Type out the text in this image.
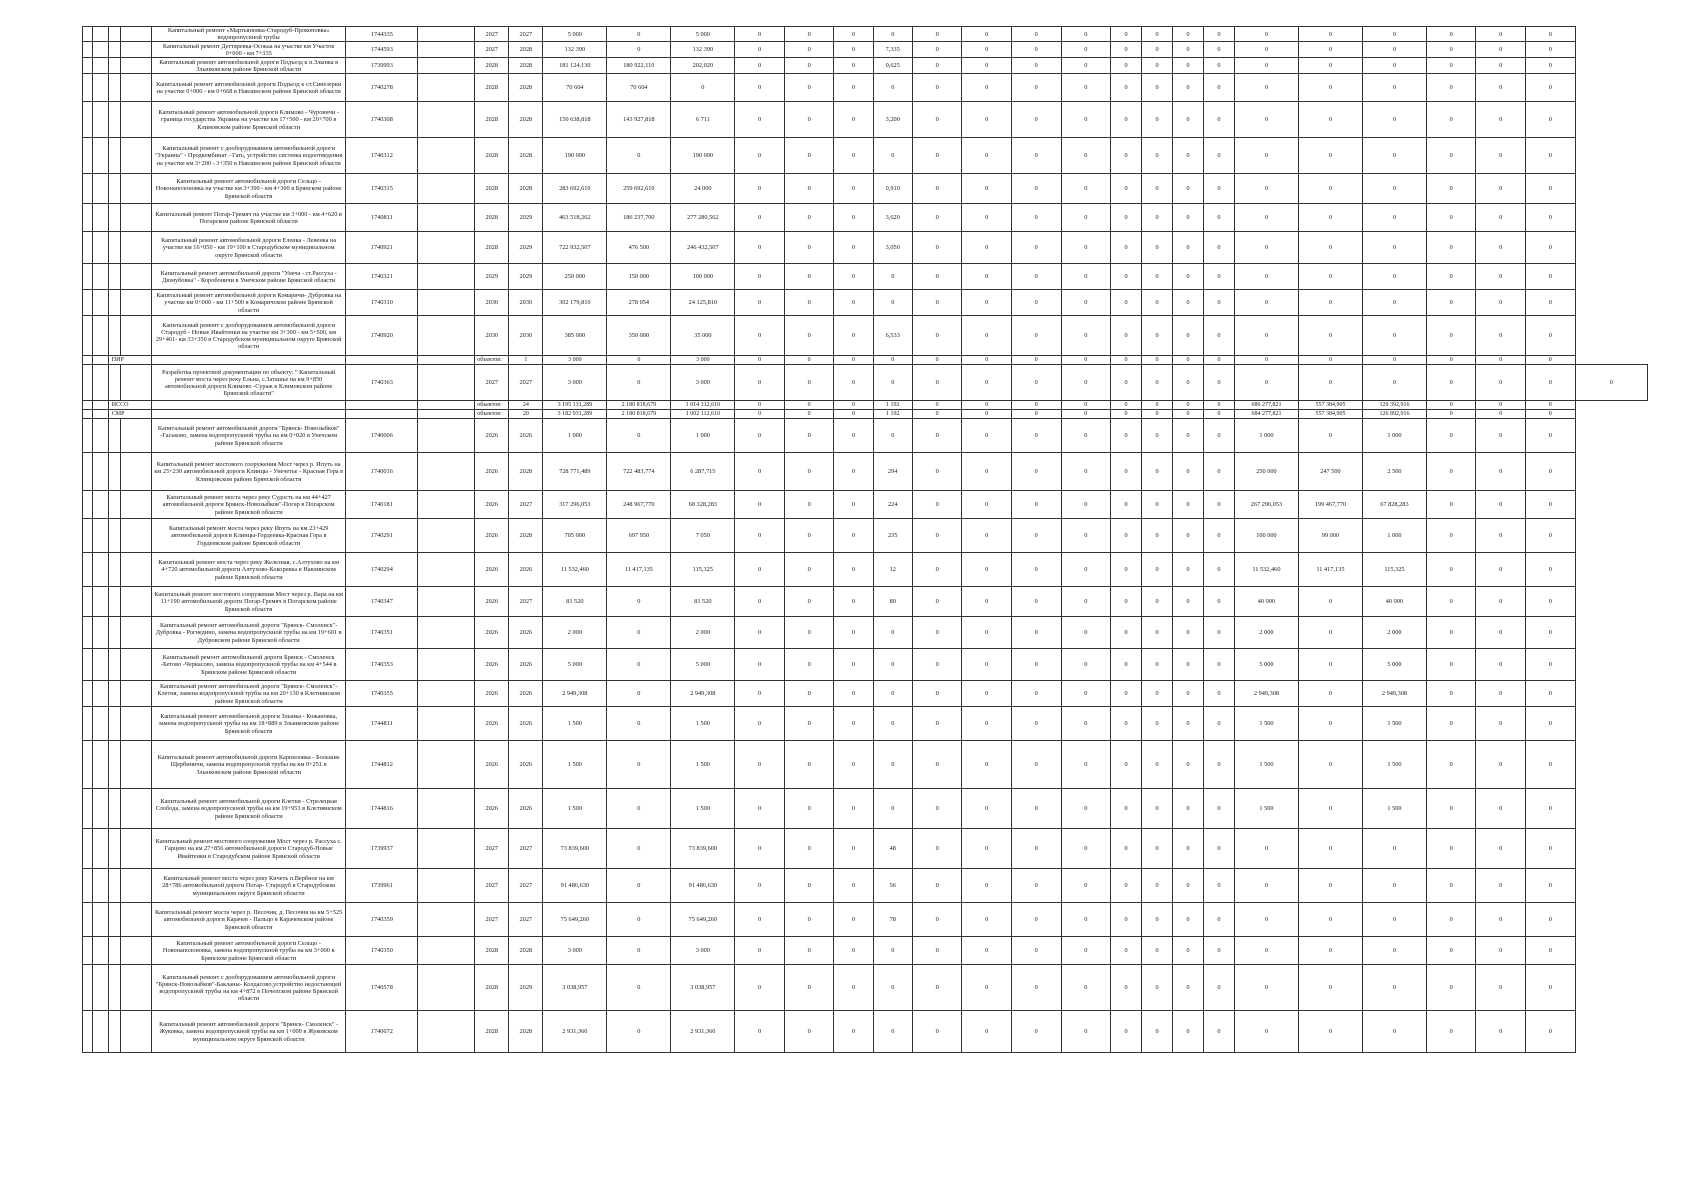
				Капитальный ремонт «Мартьяновка-Стародуб-Прокоповка» водопропускной трубы	1744335		2027	2027	5 000	0	5 000	0	0	0	0	0	0	0	0	0	0	0	0	0	0	0	0	0	0	
				Капитальный ремонт Дегтяревка-Осокаа на участке км Участок 0+000 - км 7+335	1744593		2027	2028	132 390	0	132 390	0	0	0	7,335	0	0	0	0	0	0	0	0	0	0	0	0	0	0	
				Капитальный ремонт автомобильной дороги Подъезд к п.Злынка в Злынковском районе Брянской области	1739993		2028	2028	181 124,130	180 922,110	202,020	0	0	0	0,625	0	0	0	0	0	0	0	0	0	0	0	0	0	0	
				Капитальный ремонт автомобильной дороги Подъезд к ст.Синезерки на участке 0+000 - км 0+668 в Навлинском районе Брянской области	1740278		2028	2028	70 604	70 604	0	0	0	0	0	0	0	0	0	0	0	0	0	0	0	0	0	0	0	
				Капитальный ремонт автомобильной дороги Климово - Чуровичи - граница государства Украина на участке км 17+500 - км 20+700 в Климовском районе Брянской области	1740308		2028	2028	150 638,818	143 927,818	6 711	0	0	0	3,200	0	0	0	0	0	0	0	0	0	0	0	0	0	0	
				Капитальный ремонт с дооборудованием автомобильной дороги "Украина" - Продкомбинат - Гать, устройство системы водоотведения на участке км 3+200 - 3+350 в Навлинском районе Брянской области	1740312		2028	2028	190 000	0	190 000	0	0	0	0	0	0	0	0	0	0	0	0	0	0	0	0	0	0	
				Капитальный ремонт автомобильной дороги Сельцо - Новонаполоновка на участке км 3+390 - км 4+300 в Брянском районе Брянской области	1740315		2028	2028	283 692,610	259 692,610	24 000	0	0	0	0,910	0	0	0	0	0	0	0	0	0	0	0	0	0	0	
				Капитальный ремонт Погар-Гремяч на участке км 3+000 - км 4+620 в Погарском районе Брянской области	1740811		2028	2029	463 518,262	186 237,700	277 280,562	0	0	0	3,620	0	0	0	0	0	0	0	0	0	0	0	0	0	0	
				Капитальный ремонт автомобильной дороги Еленка - Левенка на участке км 16+050 - км 19+100 в Стародубском муниципальном округе Брянской области	1740921		2028	2029	722 932,507	476 500	246 432,507	0	0	0	3,050	0	0	0	0	0	0	0	0	0	0	0	0	0	0	
				Капитальный ремонт автомобильной дороги "Унеча - ст.Рассуха - Дюмубовка" - Коробоничи в Унечском районе Брянской области	1740321		2029	2029	250 000	150 000	100 000	0	0	0	0	0	0	0	0	0	0	0	0	0	0	0	0	0	0	
				Капитальный ремонт автомобильной дороги Комаричи- Дубровка на участке км 0+000 - км 11+500 в Комаричском районе Брянской области	1740310		2030	2030	302 179,810	278 054	24 125,810	0	0	0	0	0	0	0	0	0	0	0	0	0	0	0	0	0	0	
				Капитальный ремонт с дооборудованием автомобильной дороги Стародуб - Новые Ивайтенки на участке км 3+300 - км 5+500, км 29+461- км 33+350 в Стародубском муниципальном округе Брянской области	1740920		2030	2030	385 000	350 000	35 000	0	0	0	6,533	0	0	0	0	0	0	0	0	0	0	0	0	0	0	
		ПИР					объектов:	1	3 000	0	3 000	0	0	0	0	0	0	0	0	0	0	0	0	0	0	0	0	0	0	
				Разработка проектной документации по объекту: " Капитальный ремонт моста через реку Ельна, с.Заташье на км 9+850 автомобильной дороги Климово -Сураж в Климовском районе Брянской области"	1740363		2027	2027	3 000	0	3 000	0	0	0	0	0	0	0	0	0	0	0	0	0	0	0	0	0	0	0
		ИССО					объектов:	24	3 195 131,289	2 180 818,679	1 014 312,610	0	0	0	1 192	0	0	0	0	0	0	0	0	686 277,821	557 384,905	129 392,916	0	0	0	
		СМР					объектов:	20	3 182 931,289	2 180 818,679	1 002 112,610	0	0	0	1 192	0	0	0	0	0	0	0	0	684 277,821	557 384,905	126 892,916	0	0	0	
				Капитальный ремонт автомобильной дороги "Брянск- Новозыбков" -Гаськово, замена водопропускной трубы на км 0+020 в Унечском районе Брянской области	1740006		2026	2026	1 000	0	1 000	0	0	0	0	0	0	0	0	0	0	0	0	1 000	0	1 000	0	0	0	
				Капитальный ремонт мостового сооружения Мост через р. Ипуть на км 25+230 автомобильной дороги Клинцы - Унечетье - Красная Гора в Клинцовском районе Брянской области	1740016		2026	2028	728 771,489	722 483,774	6 287,715	0	0	0	294	0	0	0	0	0	0	0	0	250 000	247 500	2 500	0	0	0	
				Капитальный ремонт моста через реку Судость на км 44+427 автомобильной дороги Брянск-Новозыбков"-Погар в Погарском районе Брянской области	1740181		2026	2027	317 296,053	248 967,770	68 328,283	0	0	0	224	0	0	0	0	0	0	0	0	267 296,053	199 467,770	67 828,283	0	0	0	
				Капитальный ремонт моста через реку Ипуть на км 23+429 автомобильной дороги Клинцы-Гордеевка-Красная Гора в Гордеевском районе Брянской области	1740291		2026	2028	705 000	697 950	7 050	0	0	0	235	0	0	0	0	0	0	0	0	100 000	99 000	1 000	0	0	0	
				Капитальный ремонт моста через реку Железная, с.Алтухово на км 4+720 автомобильной дороги Алтухово-Кокоревка в Навлинском районе Брянской области	1740294		2026	2026	11 532,460	11 417,135	115,325	0	0	0	12	0	0	0	0	0	0	0	0	11 532,460	11 417,135	115,325	0	0	0	
				Капитальный ремонт мостового сооружения Мост через р. Вара на км 11+190 автомобильной дороги Погар-Гремяч в Погарском районе Брянской области	1740347		2026	2027	81 520	0	81 520	0	0	0	80	0	0	0	0	0	0	0	0	40 000	0	40 000	0	0	0	
				Капитальный ремонт автомобильной дороги "Брянск- Смоленск"-Дубровка - Рогнедино, замена водопропускной трубы на км 19+601 в Дубровском районе Брянской области	1740351		2026	2026	2 000	0	2 000	0	0	0	0	0	0	0	0	0	0	0	0	2 000	0	2 000	0	0	0	
				Капитальный ремонт автомобильной дороги Брянск - Смоленск -Бетово -Черкасово, замена водопропускной трубы на км 4+544 в Брянском районе Брянской области	1740353		2026	2026	5 000	0	5 000	0	0	0	0	0	0	0	0	0	0	0	0	5 000	0	5 000	0	0	0	
				Капитальный ремонт автомобильной дороги "Брянск- Смоленск"-Клетня, замена водопропускной трубы на км 20+130 в Клетнянском районе Брянской области	1740355		2026	2026	2 949,308	0	2 949,308	0	0	0	0	0	0	0	0	0	0	0	0	2 949,308	0	2 949,308	0	0	0	
				Капитальный ремонт автомобильной дороги Злынка - Кожановка, замена водопропускной трубы на км 18+889 в Злынковском районе Брянской области	1744811		2026	2026	1 500	0	1 500	0	0	0	0	0	0	0	0	0	0	0	0	1 500	0	1 500	0	0	0	
				Капитальный ремонт автомобильной дороги Карпиловка - Большие Щербиничи, замена водопропускной трубы на км 0+251 в Злынковском районе Брянской области	1744812		2026	2026	1 500	0	1 500	0	0	0	0	0	0	0	0	0	0	0	0	1 500	0	1 500	0	0	0	
				Капитальный ремонт автомобильной дороги Клетня - Стрелецкая Слобода, замена водопропускной трубы на км 19+953 в Клетнянском районе Брянской области	1744816		2026	2026	1 500	0	1 500	0	0	0	0	0	0	0	0	0	0	0	0	1 500	0	1 500	0	0	0	
				Капитальный ремонт мостового сооружения Мост через р. Рассуха с. Гарцево на км 27+856 автомобильной дороги Стародуб-Новые Ивайтенки в Стародубском районе Брянской области	1739937		2027	2027	73 839,600	0	73 839,600	0	0	0	48	0	0	0	0	0	0	0	0	0	0	0	0	0	0	
				Капитальный ремонт моста через реку Кичеть п.Вербное на км 28+786 автомобильной дороги Погар- Стародуб в Стародубском муниципальном округе Брянской области	1739961		2027	2027	91 486,630	0	91 486,630	0	0	0	56	0	0	0	0	0	0	0	0	0	0	0	0	0	0	
				Капитальный ремонт моста через р. Песочня, д. Песочня на км 5+525 автомобильной дороги Карачев - Пальцо в Карачевском районе Брянской области	1740359		2027	2027	75 649,260	0	75 649,260	0	0	0	78	0	0	0	0	0	0	0	0	0	0	0	0	0	0	
				Капитальный ремонт автомобильной дороги Сельцо - Новонаполоновка, замена водопропускной трубы на км 3+000 в Брянском районе Брянской области	1740350		2028	2028	3 000	0	3 000	0	0	0	0	0	0	0	0	0	0	0	0	0	0	0	0	0	0	
				Капитальный ремонт с дооборудованием автомобильной дороги "Брянск-Новозыбков"-Бакланы- Колдасово,устройство недостающей водопропускной трубы на км 4+872 в Почепском районе Брянской области	1740578		2028	2029	3 038,957	0	3 038,957	0	0	0	0	0	0	0	0	0	0	0	0	0	0	0	0	0	0	
				Капитальный ремонт автомобильной дороги "Брянск- Смоленск" - Жуковка, замена водопропускной трубы на км 1+000 в Жуковском муниципальном округе Брянской области	1740672		2028	2028	2 931,360	0	2 931,360	0	0	0	0	0	0	0	0	0	0	0	0	0	0	0	0	0	0	
